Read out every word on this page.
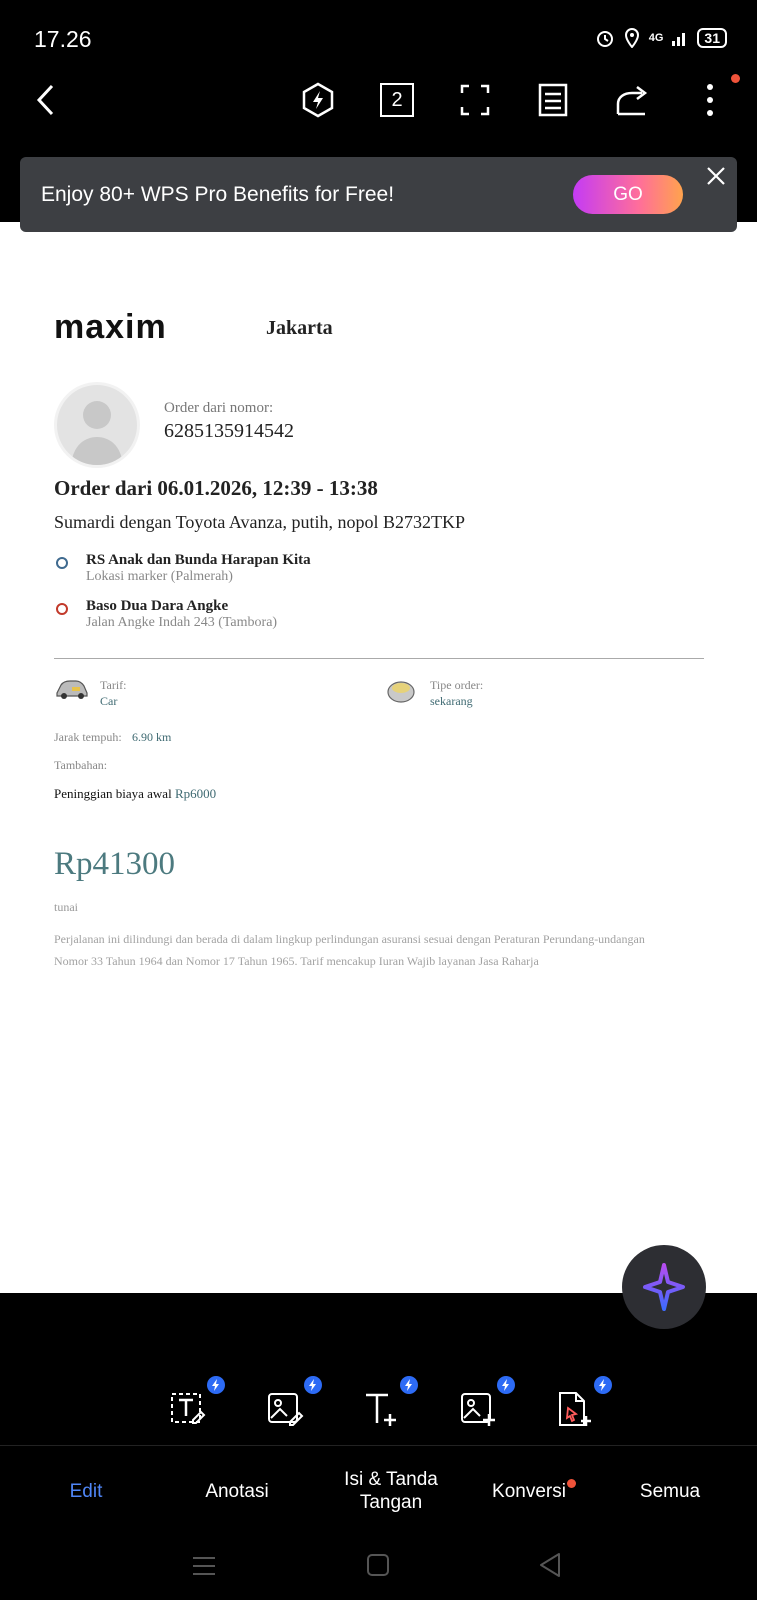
17.26	4G	31
2
maxim	Jakarta
Order dari nomor:
6285135914542
Order dari 06.01.2026, 12:39 - 13:38
Sumardi dengan Toyota Avanza, putih, nopol B2732TKP
RS Anak dan Bunda Harapan Kita
Lokasi marker (Palmerah)
Baso Dua Dara Angke
Jalan Angke Indah 243 (Tambora)
Tarif:
Car
Tipe order:
sekarang
Jarak tempuh: 6.90 km
Tambahan:
Peninggian biaya awal Rp6000
Rp41300
tunai
Perjalanan ini dilindungi dan berada di dalam lingkup perlindungan asuransi sesuai dengan Peraturan Perundang-undangan Nomor 33 Tahun 1964 dan Nomor 17 Tahun 1965. Tarif mencakup Iuran Wajib layanan Jasa Raharja
Enjoy 80+ WPS Pro Benefits for Free!	GO
Edit	Anotasi
Isi & Tanda Tangan
Konversi	Semua
